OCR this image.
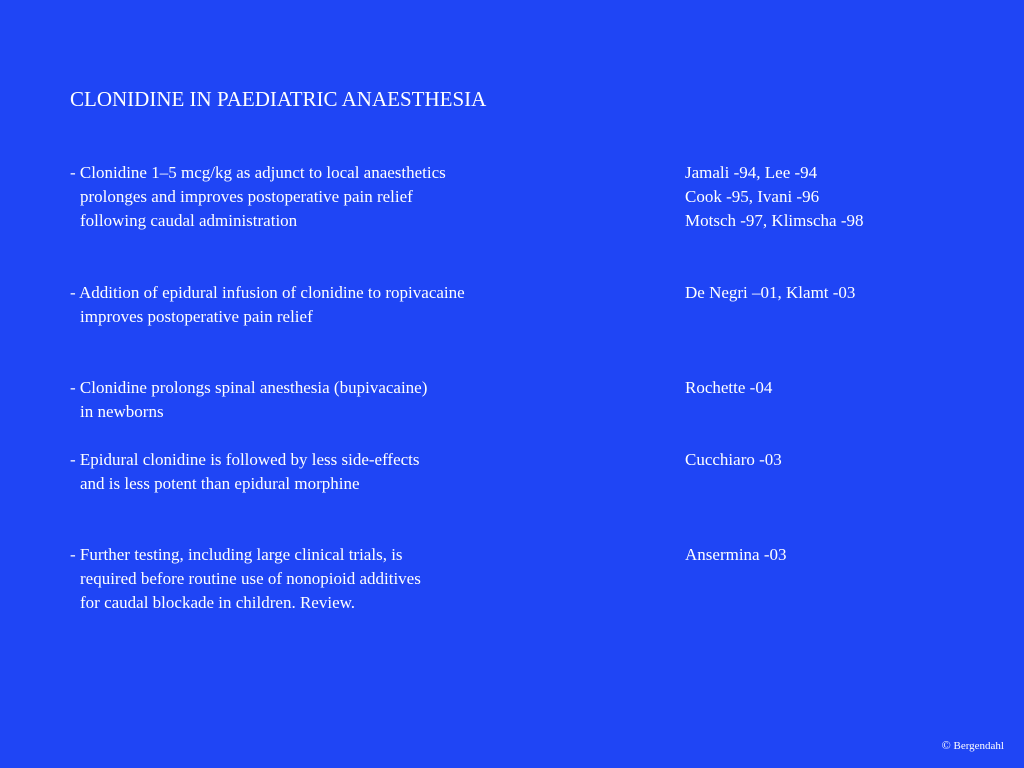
CLONIDINE IN PAEDIATRIC ANAESTHESIA
- Clonidine 1–5 mcg/kg as adjunct to local anaesthetics
prolonges and improves postoperative pain relief
following caudal administration
Jamali -94, Lee -94
Cook -95, Ivani -96
Motsch -97, Klimscha -98
- Addition of epidural infusion of clonidine to ropivacaine
improves postoperative pain relief
De Negri –01, Klamt -03
- Clonidine prolongs spinal anesthesia (bupivacaine)
in newborns
Rochette -04
- Epidural clonidine is followed by less side-effects
and is less potent than epidural morphine
Cucchiaro -03
- Further testing, including large clinical trials, is
required before routine use of nonopioid additives
for caudal blockade in children. Review.
Ansermina -03
© Bergendahl
